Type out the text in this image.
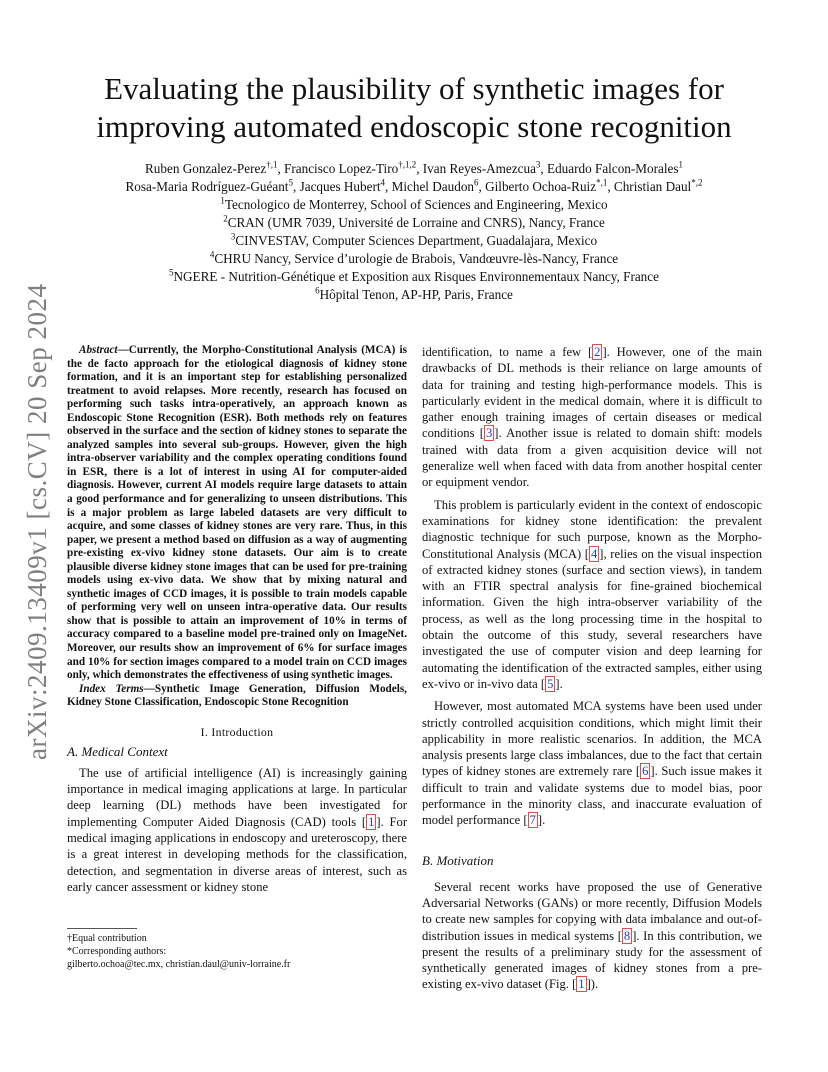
arXiv:2409.13409v1 [cs.CV] 20 Sep 2024
Evaluating the plausibility of synthetic images for
improving automated endoscopic stone recognition
Ruben Gonzalez-Perez$^{\dagger,1}$, Francisco Lopez-Tiro$^{\dagger,1,2}$, Ivan Reyes-Amezcua$^3$, Eduardo Falcon-Morales$^1$
Rosa-Maria Rodríguez-Guéant$^5$, Jacques Hubert$^4$, Michel Daudon$^6$, Gilberto Ochoa-Ruiz$^{*,1}$, Christian Daul$^{*,2}$
$^1$Tecnologico de Monterrey, School of Sciences and Engineering, Mexico
$^2$CRAN (UMR 7039, Université de Lorraine and CNRS), Nancy, France
$^3$CINVESTAV, Computer Sciences Department, Guadalajara, Mexico
$^4$CHRU Nancy, Service d’urologie de Brabois, Vandœuvre-lès-Nancy, France
$^5$NGERE - Nutrition-Génétique et Exposition aux Risques Environnementaux Nancy, France
$^6$Hôpital Tenon, AP-HP, Paris, France

Abstract—Currently, the Morpho-Constitutional Analysis (MCA) is the de facto approach for the etiological diagnosis of kidney stone formation, and it is an important step for establishing personalized treatment to avoid relapses. More recently, research has focused on performing such tasks intra-operatively, an approach known as Endoscopic Stone Recognition (ESR). Both methods rely on features observed in the surface and the section of kidney stones to separate the analyzed samples into several sub-groups. However, given the high intra-observer variability and the complex operating conditions found in ESR, there is a lot of interest in using AI for computer-aided diagnosis. However, current AI models require large datasets to attain a good performance and for generalizing to unseen distributions. This is a major problem as large labeled datasets are very difficult to acquire, and some classes of kidney stones are very rare. Thus, in this paper, we present a method based on diffusion as a way of augmenting pre-existing ex-vivo kidney stone datasets. Our aim is to create plausible diverse kidney stone images that can be used for pre-training models using ex-vivo data. We show that by mixing natural and synthetic images of CCD images, it is possible to train models capable of performing very well on unseen intra-operative data. Our results show that is possible to attain an improvement of 10% in terms of accuracy compared to a baseline model pre-trained only on ImageNet. Moreover, our results show an improvement of 6% for surface images and 10% for section images compared to a model train on CCD images only, which demonstrates the effectiveness of using synthetic images.

Index Terms—Synthetic Image Generation, Diffusion Models, Kidney Stone Classification, Endoscopic Stone Recognition

I. Introduction
A. Medical Context

The use of artificial intelligence (AI) is increasingly gaining importance in medical imaging applications at large. In particular deep learning (DL) methods have been investigated for implementing Computer Aided Diagnosis (CAD) tools [ 1 ]. For medical imaging applications in endoscopy and ureteroscopy, there is a great interest in developing methods for the classification, detection, and segmentation in diverse areas of interest, such as early cancer assessment or kidney stone

†Equal contribution
*Corresponding authors:
gilberto.ochoa@tec.mx, christian.daul@univ-lorraine.fr

identification, to name a few [ 2 ]. However, one of the main drawbacks of DL methods is their reliance on large amounts of data for training and testing high-performance models. This is particularly evident in the medical domain, where it is difficult to gather enough training images of certain diseases or medical conditions [ 3 ]. Another issue is related to domain shift: models trained with data from a given acquisition device will not generalize well when faced with data from another hospital center or equipment vendor.

This problem is particularly evident in the context of endoscopic examinations for kidney stone identification: the prevalent diagnostic technique for such purpose, known as the Morpho-Constitutional Analysis (MCA) [ 4 ], relies on the visual inspection of extracted kidney stones (surface and section views), in tandem with an FTIR spectral analysis for fine-grained biochemical information. Given the high intra-observer variability of the process, as well as the long processing time in the hospital to obtain the outcome of this study, several researchers have investigated the use of computer vision and deep learning for automating the identification of the extracted samples, either using ex-vivo or in-vivo data [ 5 ].

However, most automated MCA systems have been used under strictly controlled acquisition conditions, which might limit their applicability in more realistic scenarios. In addition, the MCA analysis presents large class imbalances, due to the fact that certain types of kidney stones are extremely rare [ 6 ]. Such issue makes it difficult to train and validate systems due to model bias, poor performance in the minority class, and inaccurate evaluation of model performance [ 7 ].

B. Motivation

Several recent works have proposed the use of Generative Adversarial Networks (GANs) or more recently, Diffusion Models to create new samples for copying with data imbalance and out-of-distribution issues in medical systems [ 8 ]. In this contribution, we present the results of a preliminary study for the assessment of synthetically generated images of kidney stones from a pre-existing ex-vivo dataset (Fig. [ 1 ]).
